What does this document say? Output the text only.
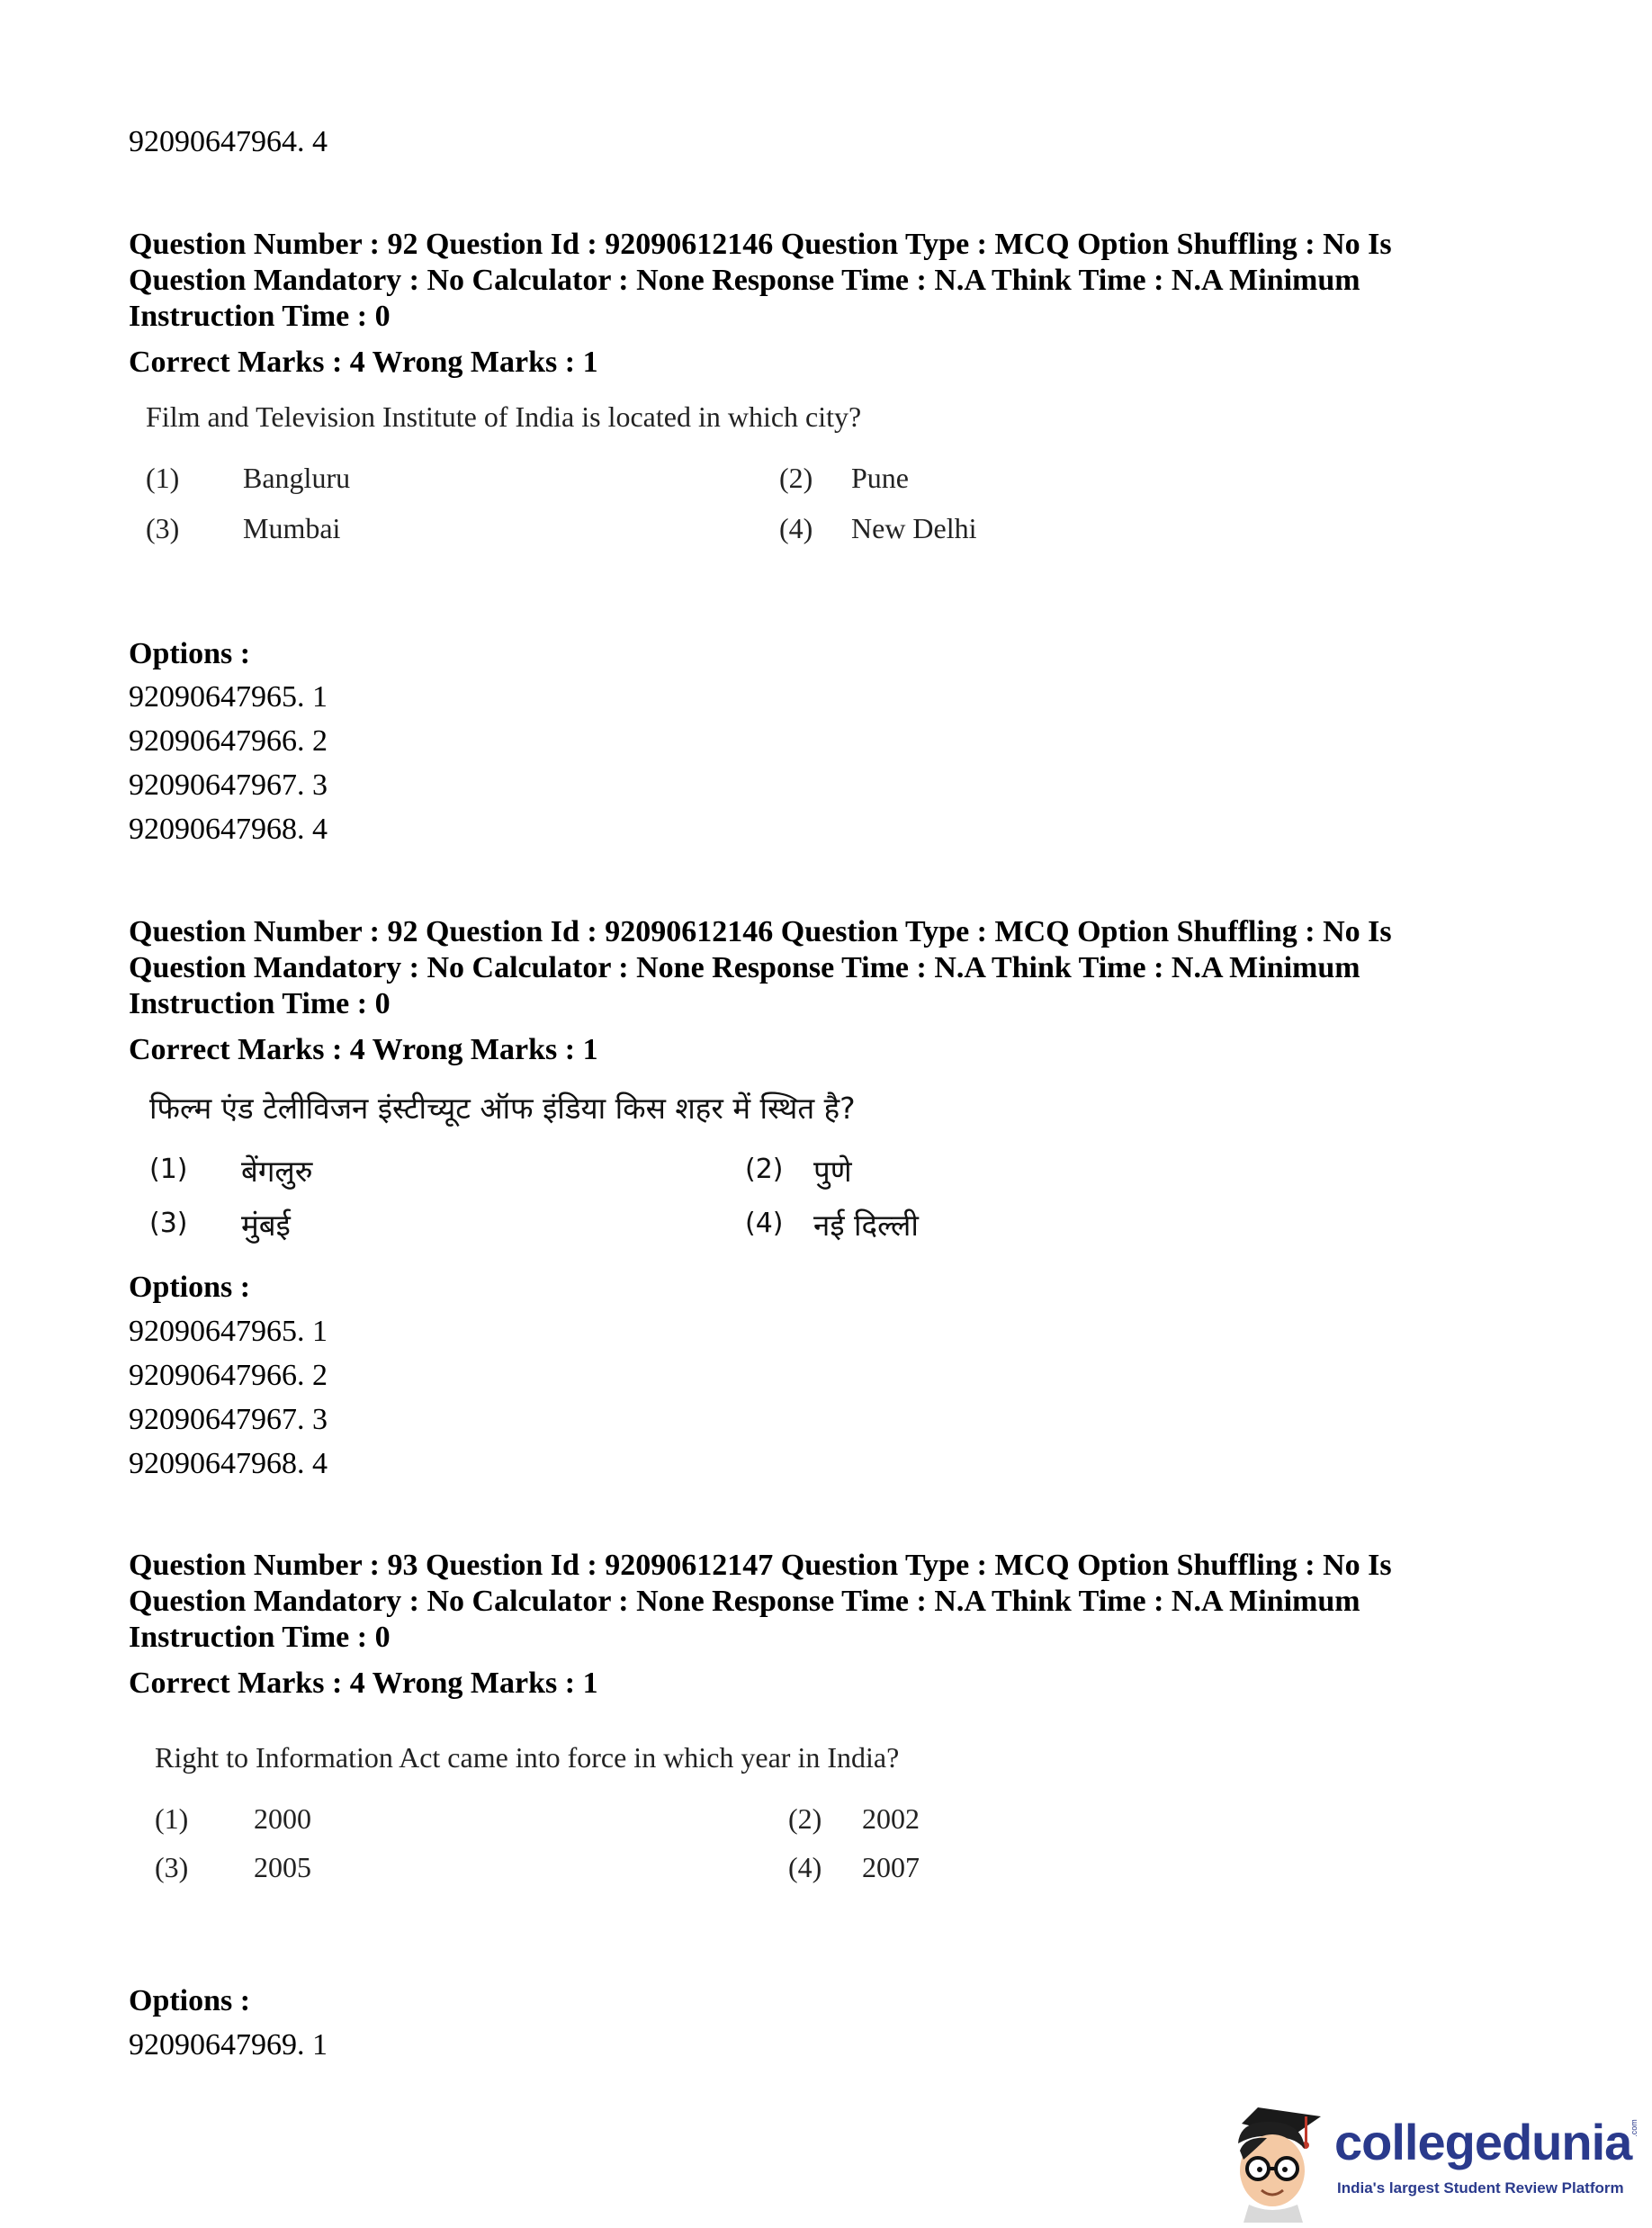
92090647964. 4
Question Number : 92 Question Id : 92090612146 Question Type : MCQ Option Shuffling : No Is
Question Mandatory : No Calculator : None Response Time : N.A Think Time : N.A Minimum
Instruction Time : 0
Correct Marks : 4 Wrong Marks : 1
Film and Television Institute of India is located in which city?
(1) Bangluru	(2) Pune
(3) Mumbai	(4) New Delhi
Options :
92090647965. 1
92090647966. 2
92090647967. 3
92090647968. 4
Question Number : 92 Question Id : 92090612146 Question Type : MCQ Option Shuffling : No Is
Question Mandatory : No Calculator : None Response Time : N.A Think Time : N.A Minimum
Instruction Time : 0
Correct Marks : 4 Wrong Marks : 1
फिल्म एंड टेलीविजन इंस्टीच्यूट ऑफ इंडिया किस शहर में स्थित है?
(1) बेंगलुरु	(2) पुणे
(3) मुंबई	(4) नई दिल्ली
Options :
92090647965. 1
92090647966. 2
92090647967. 3
92090647968. 4
Question Number : 93 Question Id : 92090612147 Question Type : MCQ Option Shuffling : No Is
Question Mandatory : No Calculator : None Response Time : N.A Think Time : N.A Minimum
Instruction Time : 0
Correct Marks : 4 Wrong Marks : 1
Right to Information Act came into force in which year in India?
(1) 2000	(2) 2002
(3) 2005	(4) 2007
Options :
92090647969. 1
collegedunia
.com
India's largest Student Review Platform
